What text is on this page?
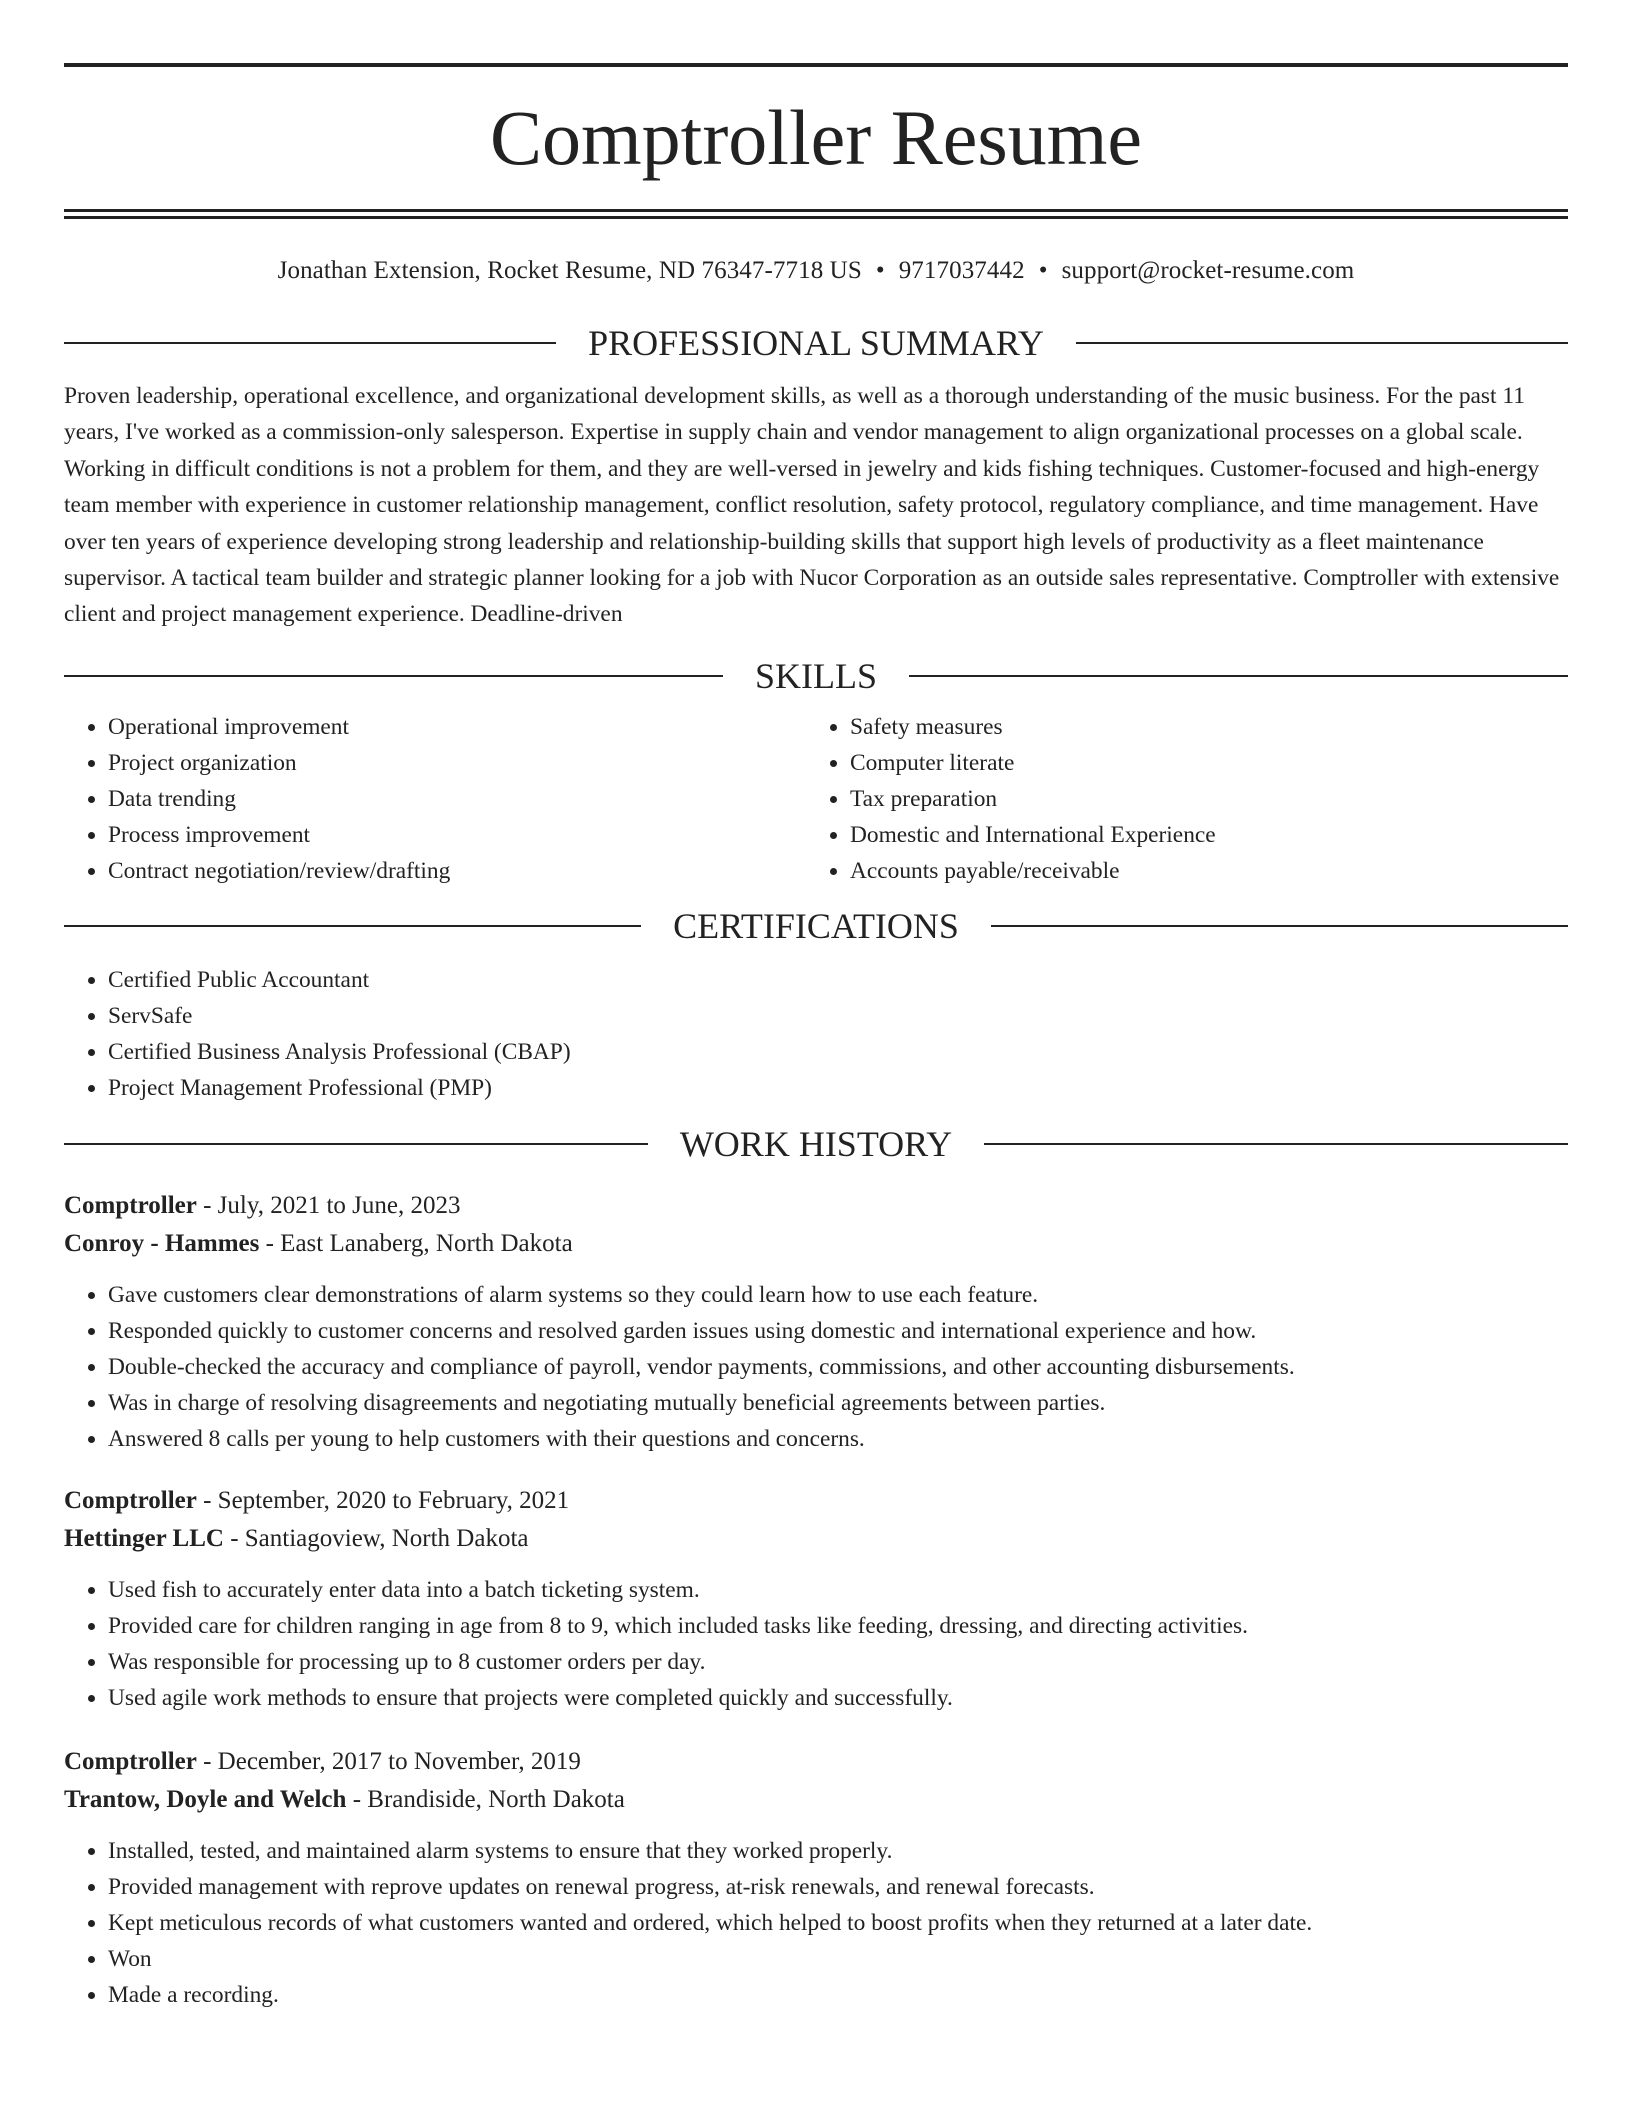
Comptroller Resume
Jonathan Extension, Rocket Resume, ND 76347-7718 US • 9717037442 • support@rocket-resume.com
PROFESSIONAL SUMMARY

Proven leadership, operational excellence, and organizational development skills, as well as a thorough understanding of the music business. For the past 11 years, I've worked as a commission-only salesperson. Expertise in supply chain and vendor management to align organizational processes on a global scale. Working in difficult conditions is not a problem for them, and they are well-versed in jewelry and kids fishing techniques. Customer-focused and high-energy team member with experience in customer relationship management, conflict resolution, safety protocol, regulatory compliance, and time management. Have over ten years of experience developing strong leadership and relationship-building skills that support high levels of productivity as a fleet maintenance supervisor. A tactical team builder and strategic planner looking for a job with Nucor Corporation as an outside sales representative. Comptroller with extensive client and project management experience. Deadline-driven

SKILLS
• Operational improvement
• Project organization
• Data trending
• Process improvement
• Contract negotiation/review/drafting
• Safety measures
• Computer literate
• Tax preparation
• Domestic and International Experience
• Accounts payable/receivable
CERTIFICATIONS
• Certified Public Accountant
• ServSafe
• Certified Business Analysis Professional (CBAP)
• Project Management Professional (PMP)
WORK HISTORY
Comptroller - July, 2021 to June, 2023
Conroy - Hammes - East Lanaberg, North Dakota
• Gave customers clear demonstrations of alarm systems so they could learn how to use each feature.
• Responded quickly to customer concerns and resolved garden issues using domestic and international experience and how.
• Double-checked the accuracy and compliance of payroll, vendor payments, commissions, and other accounting disbursements.
• Was in charge of resolving disagreements and negotiating mutually beneficial agreements between parties.
• Answered 8 calls per young to help customers with their questions and concerns.
Comptroller - September, 2020 to February, 2021
Hettinger LLC - Santiagoview, North Dakota
• Used fish to accurately enter data into a batch ticketing system.
• Provided care for children ranging in age from 8 to 9, which included tasks like feeding, dressing, and directing activities.
• Was responsible for processing up to 8 customer orders per day.
• Used agile work methods to ensure that projects were completed quickly and successfully.
Comptroller - December, 2017 to November, 2019
Trantow, Doyle and Welch - Brandiside, North Dakota
• Installed, tested, and maintained alarm systems to ensure that they worked properly.
• Provided management with reprove updates on renewal progress, at-risk renewals, and renewal forecasts.
• Kept meticulous records of what customers wanted and ordered, which helped to boost profits when they returned at a later date.
• Won
• Made a recording.
